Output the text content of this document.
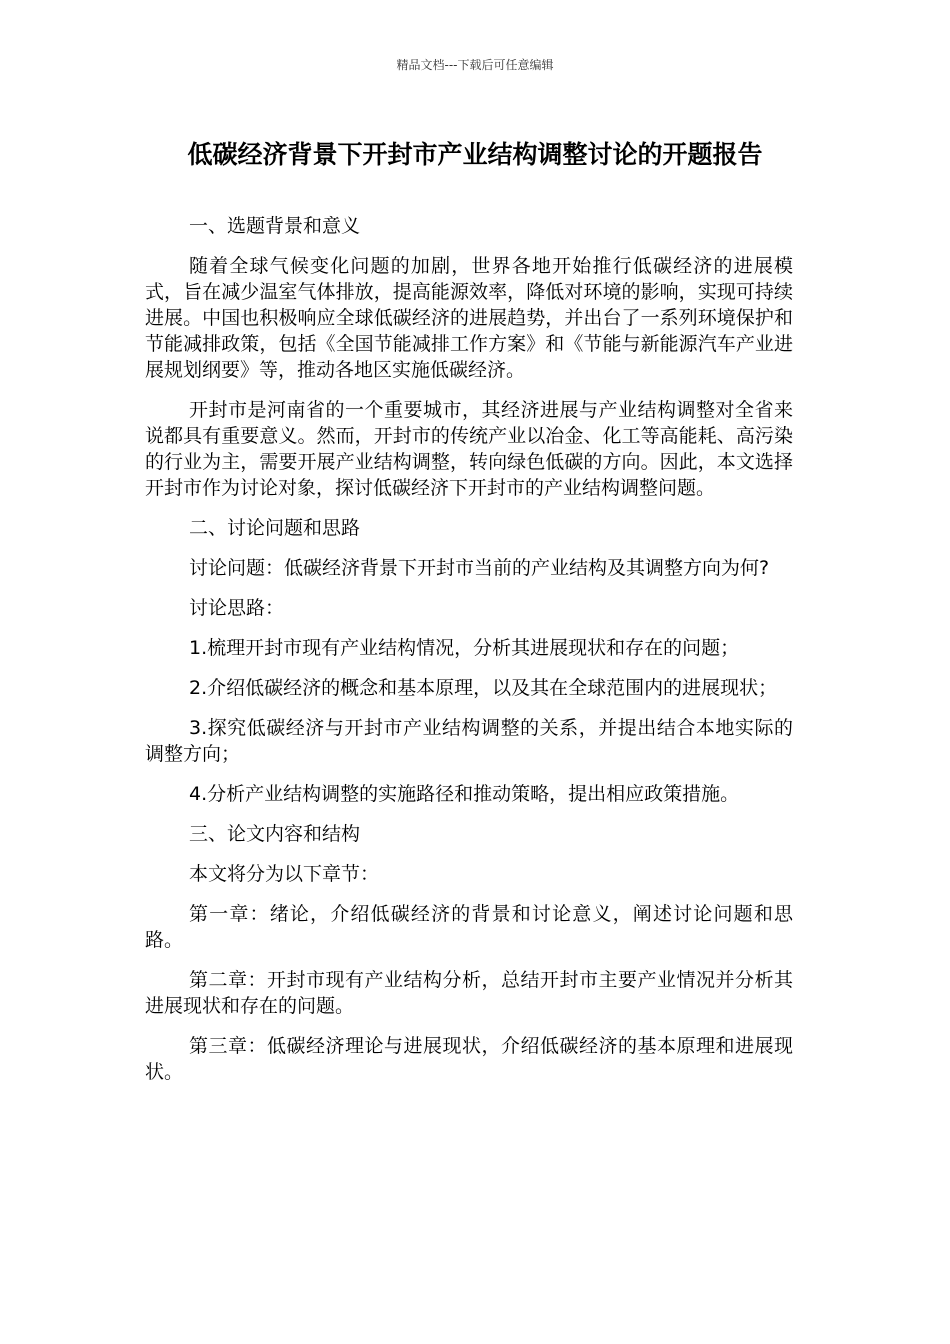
精品文档---下载后可任意编辑
低碳经济背景下开封市产业结构调整讨论的开题报告

一、选题背景和意义

随着全球气候变化问题的加剧，世界各地开始推行低碳经济的进展模式，旨在减少温室气体排放，提高能源效率，降低对环境的影响，实现可持续进展。中国也积极响应全球低碳经济的进展趋势，并出台了一系列环境保护和节能减排政策，包括《全国节能减排工作方案》和《节能与新能源汽车产业进展规划纲要》等，推动各地区实施低碳经济。

开封市是河南省的一个重要城市，其经济进展与产业结构调整对全省来说都具有重要意义。然而，开封市的传统产业以冶金、化工等高能耗、高污染的行业为主，需要开展产业结构调整，转向绿色低碳的方向。因此，本文选择开封市作为讨论对象，探讨低碳经济下开封市的产业结构调整问题。

二、讨论问题和思路

讨论问题：低碳经济背景下开封市当前的产业结构及其调整方向为何?

讨论思路：

1.梳理开封市现有产业结构情况，分析其进展现状和存在的问题；

2.介绍低碳经济的概念和基本原理，以及其在全球范围内的进展现状；

3.探究低碳经济与开封市产业结构调整的关系，并提出结合本地实际的调整方向；

4.分析产业结构调整的实施路径和推动策略，提出相应政策措施。

三、论文内容和结构

本文将分为以下章节：

第一章：绪论，介绍低碳经济的背景和讨论意义，阐述讨论问题和思路。

第二章：开封市现有产业结构分析，总结开封市主要产业情况并分析其进展现状和存在的问题。

第三章：低碳经济理论与进展现状，介绍低碳经济的基本原理和进展现状。
